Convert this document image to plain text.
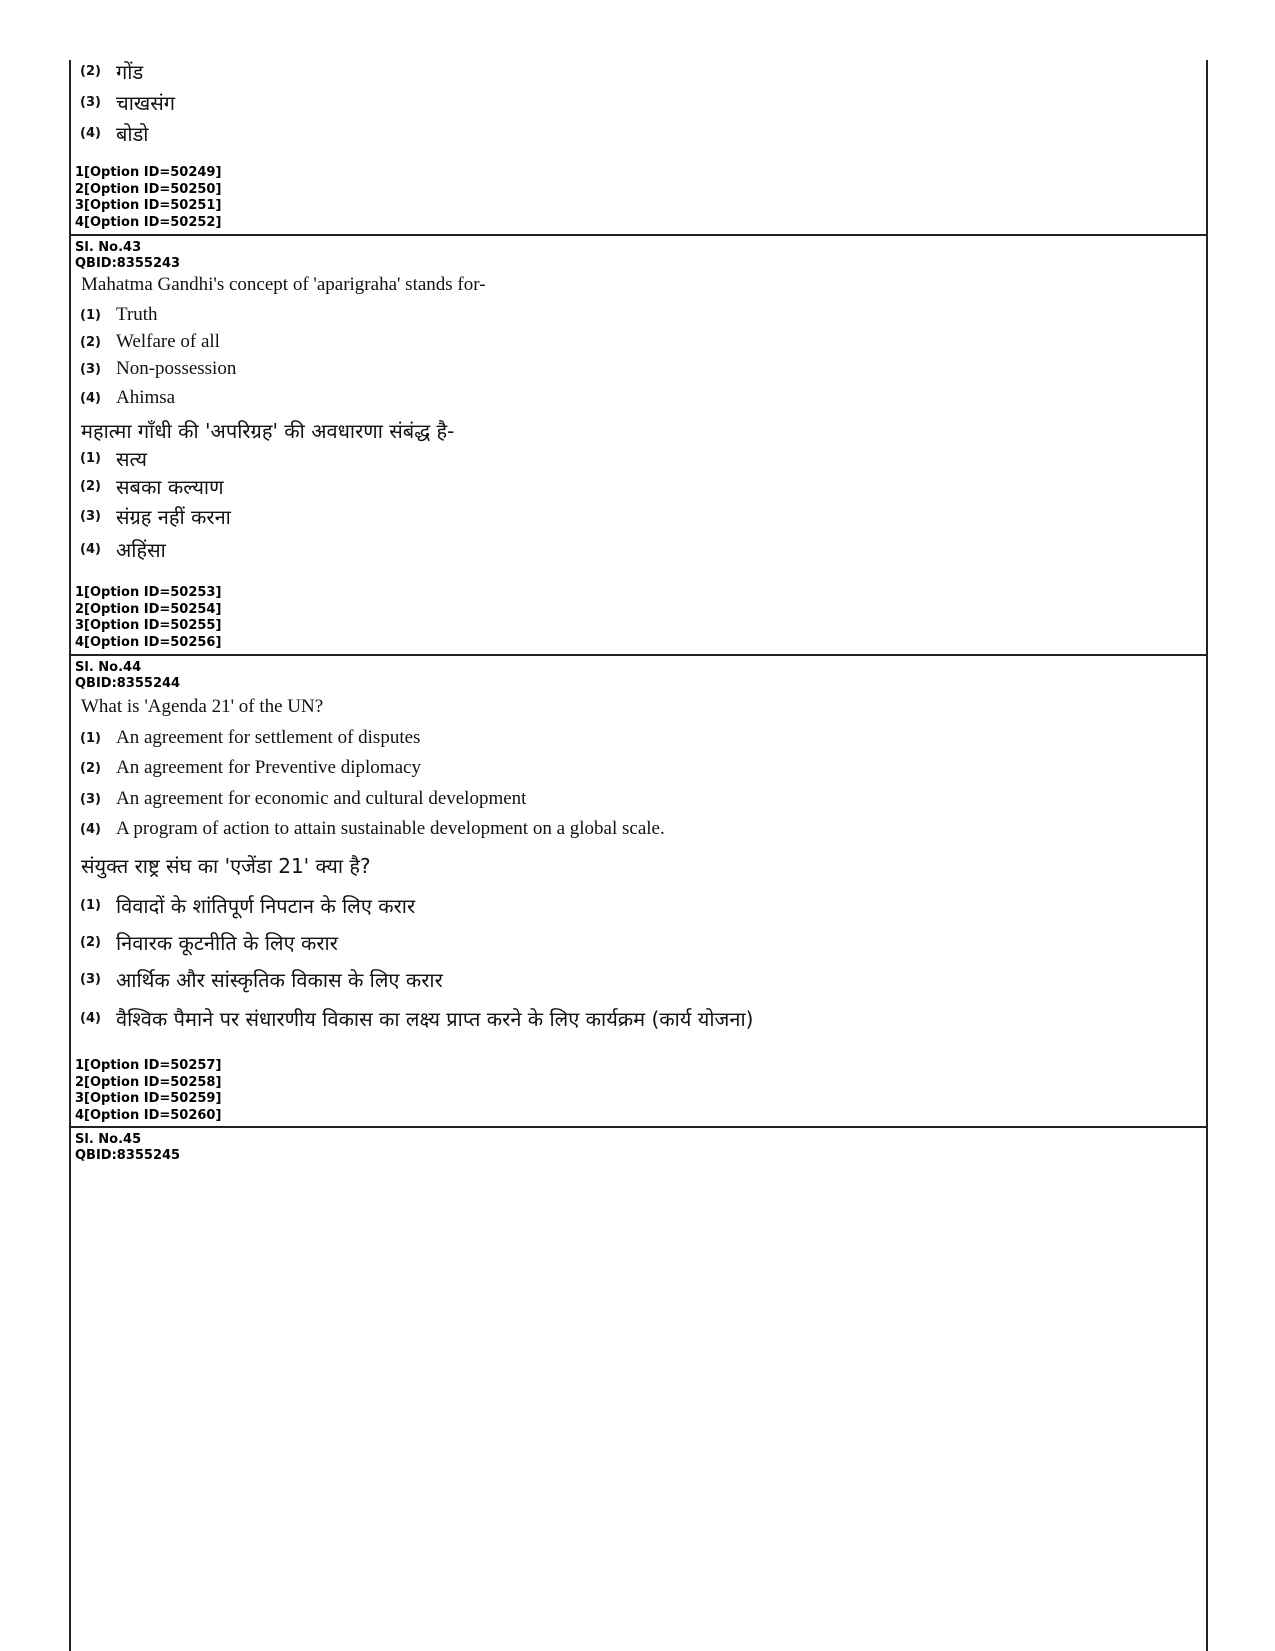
(2) गोंड
(3) चाखसंग
(4) बोडो
1[Option ID=50249]
2[Option ID=50250]
3[Option ID=50251]
4[Option ID=50252]
Sl. No.43
QBID:8355243
Mahatma Gandhi's concept of 'aparigraha' stands for-
(1) Truth
(2) Welfare of all
(3) Non-possession
(4) Ahimsa
महात्मा गाँधी की 'अपरिग्रह' की अवधारणा संबंद्ध है-
(1) सत्य
(2) सबका कल्याण
(3) संग्रह नहीं करना
(4) अहिंसा
1[Option ID=50253]
2[Option ID=50254]
3[Option ID=50255]
4[Option ID=50256]
Sl. No.44
QBID:8355244
What is 'Agenda 21' of the UN?
(1) An agreement for settlement of disputes
(2) An agreement for Preventive diplomacy
(3) An agreement for economic and cultural development
(4) A program of action to attain sustainable development on a global scale.
संयुक्त राष्ट्र संघ का 'एजेंडा 21' क्या है?
(1) विवादों के शांतिपूर्ण निपटान के लिए करार
(2) निवारक कूटनीति के लिए करार
(3) आर्थिक और सांस्कृतिक विकास के लिए करार
(4) वैश्विक पैमाने पर संधारणीय विकास का लक्ष्य प्राप्त करने के लिए कार्यक्रम (कार्य योजना)
1[Option ID=50257]
2[Option ID=50258]
3[Option ID=50259]
4[Option ID=50260]
Sl. No.45
QBID:8355245
